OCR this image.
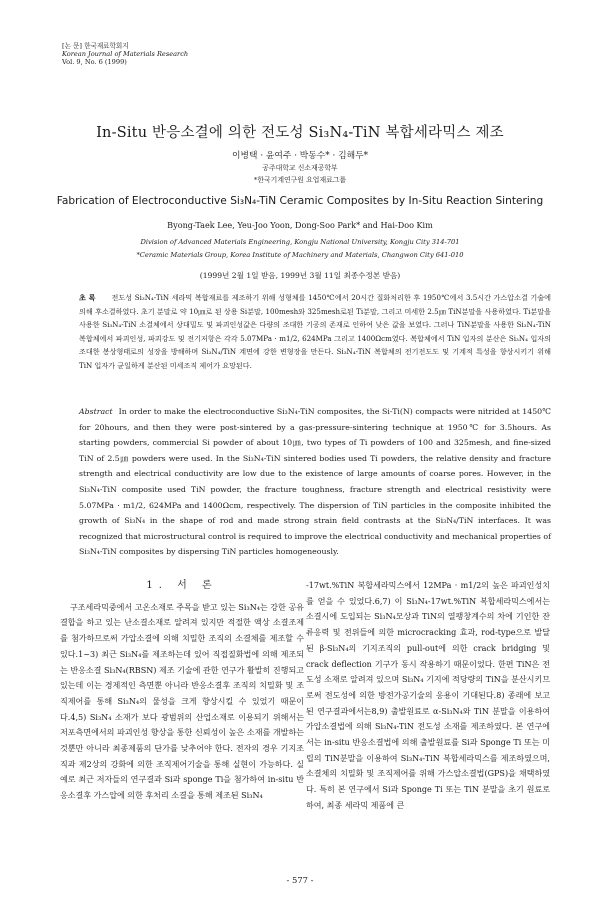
[논 문] 한국재료학회지
Korean Journal of Materials Research
Vol. 9, No. 6 (1999)
In-Situ 반응소결에 의한 전도성 Si₃N₄-TiN 복합세라믹스 제조
이병택 · 윤여주 · 박동수* · 김해두*
공주대학교 신소재공학부
*한국기계연구원 요업재료그룹
Fabrication of Electroconductive Si₃N₄-TiN Ceramic Composites by In-Situ Reaction Sintering
Byong-Taek Lee, Yeu-Joo Yoon, Dong-Soo Park* and Hai-Doo Kim
Division of Advanced Materials Engineering, Kongju National University, Kongju City 314-701
*Ceramic Materials Group, Korea Institute of Machinery and Materials, Changwon City 641-010
(1999년 2월 1일 받음, 1999년 3월 11일 최종수정본 받음)
초 록 전도성 Si₃N₄-TiN 세라믹 복합재료를 제조하기 위해 성형체를 1450℃에서 20시간 질화처리한 후 1950℃에서 3.5시간 가스압소결 기술에 의해 후소결하였다. 초기 분말로 약 10㎛로 된 상용 Si분말, 100mesh와 325mesh로된 Ti분말, 그리고 미세한 2.5㎛ TiN분말을 사용하였다. Ti분말을 사용한 Si₃N₄-TiN 소결체에서 상대밀도 및 파괴인성값은 다량의 조대한 기공의 존재로 인하여 낮은 값을 보였다. 그러나 TiN분말을 사용한 Si₃N₄-TiN 복합체에서 파괴인성, 파괴강도 및 전기저항은 각각 5.07MPa · m1/2, 624MPa 그리고 1400Ωcm였다. 복합체에서 TiN 입자의 분산은 Si₃N₄ 입자의 조대한 봉상형태로의 성장을 방해하며 Si₃N₄/TiN 계면에 강한 변형장을 만든다. Si₃N₄-TiN 복합체의 전기전도도 및 기계적 특성을 향상시키기 위해 TiN 입자가 균일하게 분산된 미세조직 제어가 요망된다.
Abstract In order to make the electroconductive Si₃N₄-TiN composites, the Si-Ti(N) compacts were nitrided at 1450℃ for 20hours, and then they were post-sintered by a gas-pressure-sintering technique at 1950℃ for 3.5hours. As starting powders, commercial Si powder of about 10㎛, two types of Ti powders of 100 and 325mesh, and fine-sized TiN of 2.5㎛ powders were used. In the Si₃N₄-TiN sintered bodies used Ti powders, the relative density and fracture strength and electrical conductivity are low due to the existence of large amounts of coarse pores. However, in the Si₃N₄-TiN composite used TiN powder, the fracture toughness, fracture strength and electrical resistivity were 5.07MPa · m1/2, 624MPa and 1400Ωcm, respectively. The dispersion of TiN particles in the composite inhibited the growth of Si₃N₄ in the shape of rod and made strong strain field contrasts at the Si₃N₄/TiN interfaces. It was recognized that microstructural control is required to improve the electrical conductivity and mechanical properties of Si₃N₄-TiN composites by dispersing TiN particles homogeneously.
1. 서 론
구조세라믹중에서 고온소재로 주목을 받고 있는 Si₃N₄는 강한 공유결합을 하고 있는 난소결소재로 알려져 있지만 적절한 액상 소결조제를 첨가하므로써 가압소결에 의해 치밀한 조직의 소결체를 제조할 수 있다.1~3) 최근 Si₃N₄를 제조하는데 있어 직접질화법에 의해 제조되는 반응소결 Si₃N₄(RBSN) 제조 기술에 관한 연구가 활발히 진행되고 있는데 이는 경제적인 측면뿐 아니라 반응소결후 조직의 치밀화 및 조직제어를 통해 Si₃N₄의 물성을 크게 향상시킬 수 있었기 때문이다.4,5) Si₃N₄ 소재가 보다 광범위의 산업소재로 이용되기 위해서는 저포측면에서의 파괴인성 향상을 통한 신뢰성이 높은 소재를 개발하는 것뿐만 아니라 최종제품의 단가를 낮추어야 한다. 전자의 경우 기지조직과 제2상의 강화에 의한 조직제어기술을 통해 실현이 가능하다. 실 예로 최근 저자들의 연구결과 Si과 sponge Ti을 첨가하여 in-situ 반응소결후 가스압에 의한 후처리 소결을 통해 제조된 Si₃N₄
-17wt.%TiN 복합세라믹스에서 12MPa · m1/2의 높은 파괴인성치를 얻을 수 있었다.6,7) 이 Si₃N₄-17wt.%TiN 복합세라믹스에서는 소결시에 도입되는 Si₃N₄모상과 TiN의 열팽창계수의 차에 기인한 잔류응력 및 전위들에 의한 microcracking 효과, rod-type으로 발달된 β-Si₃N₄의 기지조직의 pull-out에 의한 crack bridging 및 crack deflection 기구가 동시 작용하기 때문이었다. 한편 TiN은 전도성 소재로 알려져 있으며 Si₃N₄ 기지에 적당량의 TiN을 분산시키므로써 전도성에 의한 방전가공기술의 응용이 기대된다.8) 종래에 보고된 연구결과에서는8,9) 출발원료로 α-Si₃N₄와 TiN 분말을 이용하여 가압소결법에 의해 Si₃N₄-TiN 전도성 소재를 제조하였다. 본 연구에서는 in-situ 반응소결법에 의해 출발원료를 Si과 Sponge Ti 또는 미립의 TiN분말을 이용하여 Si₃N₄-TiN 복합세라믹스를 제조하였으며, 소결체의 치밀화 및 조직제어를 위해 가스압소결법(GPS)을 채택하였다. 특히 본 연구에서 Si과 Sponge Ti 또는 TiN 분말을 초기 원료로하여, 최종 세라믹 제품에 큰
- 577 -
